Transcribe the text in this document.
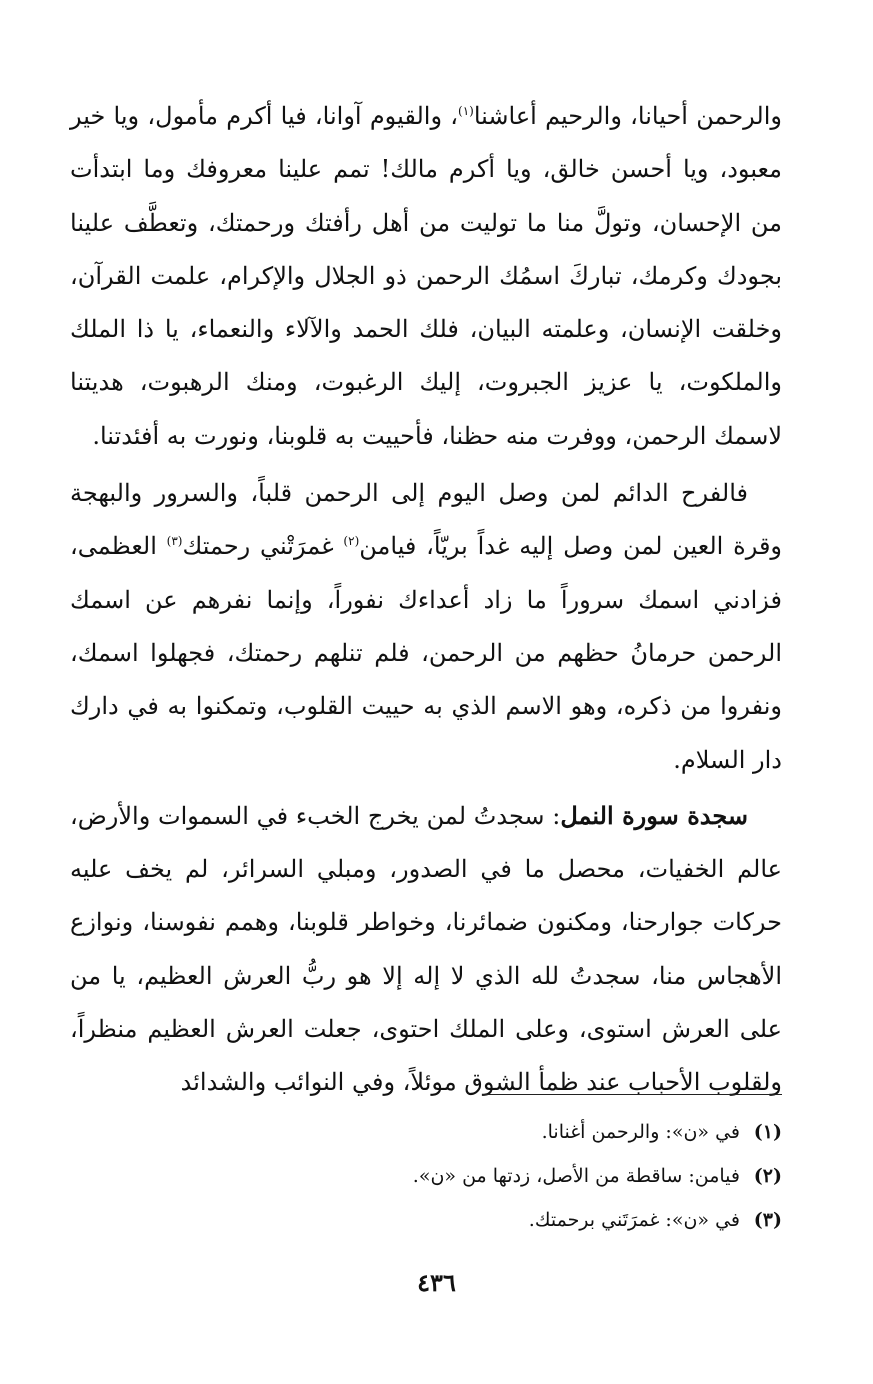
والرحمن أحيانا، والرحيم أعاشنا$^{(١)}$، والقيوم آوانا، فيا أكرم مأمول، ويا خير معبود، ويا أحسن خالق، ويا أكرم مالك! تمم علينا معروفك وما ابتدأت من الإحسان، وتولَّ منا ما توليت من أهل رأفتك ورحمتك، وتعطَّف علينا بجودك وكرمك، تباركَ اسمُك الرحمن ذو الجلال والإكرام، علمت القرآن، وخلقت الإنسان، وعلمته البيان، فلك الحمد والآلاء والنعماء، يا ذا الملك والملكوت، يا عزيز الجبروت، إليك الرغبوت، ومنك الرهبوت، هديتنا لاسمك الرحمن، ووفرت منه حظنا، فأحييت به قلوبنا، ونورت به أفئدتنا.

فالفرح الدائم لمن وصل اليوم إلى الرحمن قلباً، والسرور والبهجة وقرة العين لمن وصل إليه غداً بريّاً، فيامن$^{(٢)}$ غمرَتْني رحمتك$^{(٣)}$ العظمى، فزادني اسمك سروراً ما زاد أعداءك نفوراً، وإنما نفرهم عن اسمك الرحمن حرمانُ حظهم من الرحمن، فلم تنلهم رحمتك، فجهلوا اسمك، ونفروا من ذكره، وهو الاسم الذي به حييت القلوب، وتمكنوا به في دارك دار السلام.

سجدة سورة النمل: سجدتُ لمن يخرج الخبء في السموات والأرض، عالم الخفيات، محصل ما في الصدور، ومبلي السرائر، لم يخف عليه حركات جوارحنا، ومكنون ضمائرنا، وخواطر قلوبنا، وهمم نفوسنا، ونوازع الأهجاس منا، سجدتُ لله الذي لا إله إلا هو ربُّ العرش العظيم، يا من على العرش استوى، وعلى الملك احتوى، جعلت العرش العظيم منظراً، ولقلوب الأحباب عند ظمأ الشوق موئلاً، وفي النوائب والشدائد

(١)في «ن»: والرحمن أغنانا.
(٢)فيامن: ساقطة من الأصل، زدتها من «ن».
(٣)في «ن»: غمرَتَني برحمتك.
٤٣٦
